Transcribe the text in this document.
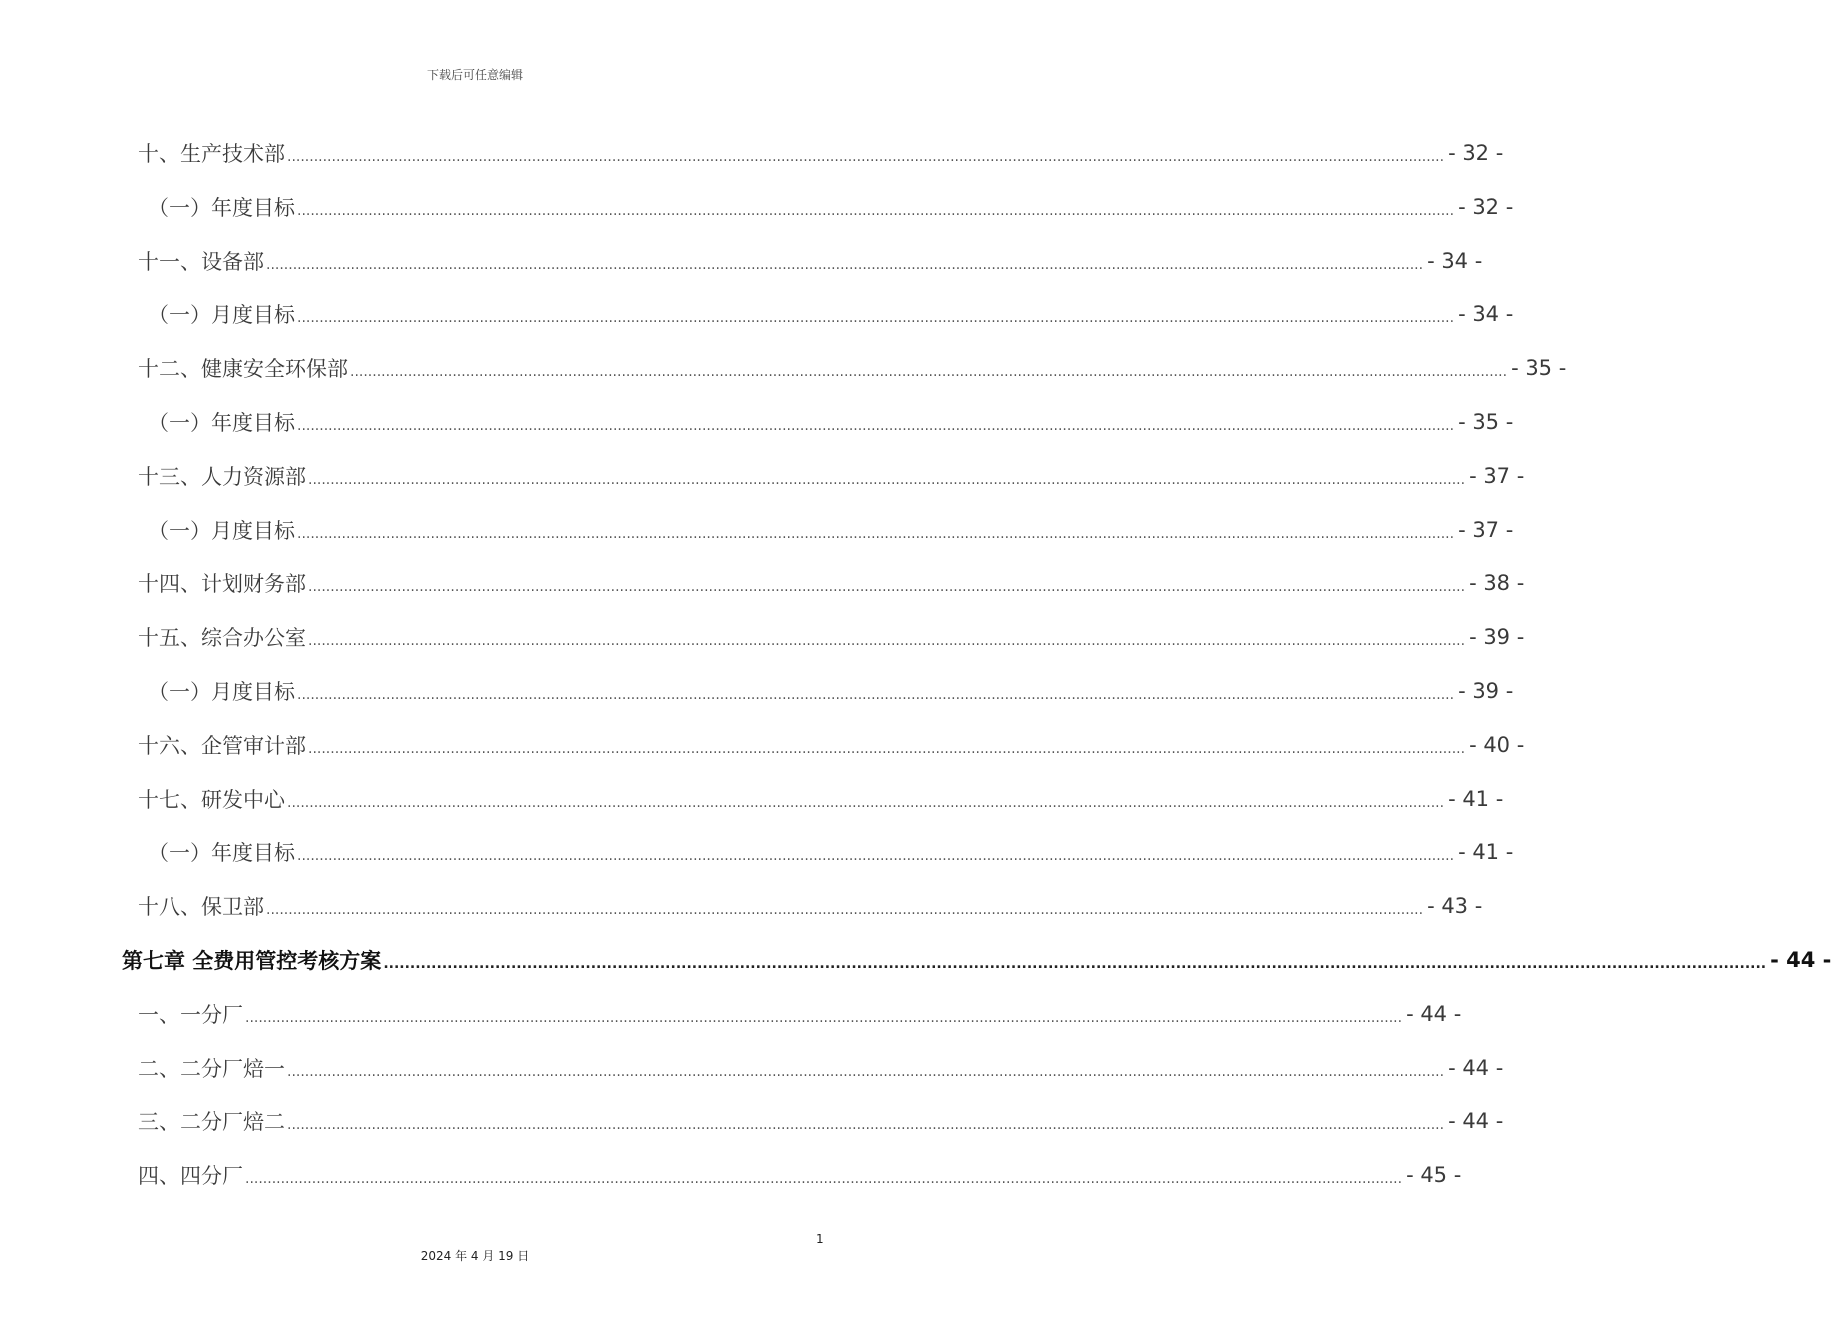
下载后可任意编辑
十、生产技术部 .................................................................................................................................................................................................................................................................... - 32 -
（一）年度目标 .................................................................................................................................................................................................................................................................... - 32 -
十一、设备部 .................................................................................................................................................................................................................................................................... - 34 -
（一）月度目标 .................................................................................................................................................................................................................................................................... - 34 -
十二、健康安全环保部 .................................................................................................................................................................................................................................................................... - 35 -
（一）年度目标 .................................................................................................................................................................................................................................................................... - 35 -
十三、人力资源部 .................................................................................................................................................................................................................................................................... - 37 -
（一）月度目标 .................................................................................................................................................................................................................................................................... - 37 -
十四、计划财务部 .................................................................................................................................................................................................................................................................... - 38 -
十五、综合办公室 .................................................................................................................................................................................................................................................................... - 39 -
（一）月度目标 .................................................................................................................................................................................................................................................................... - 39 -
十六、企管审计部 .................................................................................................................................................................................................................................................................... - 40 -
十七、研发中心 .................................................................................................................................................................................................................................................................... - 41 -
（一）年度目标 .................................................................................................................................................................................................................................................................... - 41 -
十八、保卫部 .................................................................................................................................................................................................................................................................... - 43 -
第七章 全费用管控考核方案 .................................................................................................................................................................................................................................................................... - 44 -
一、一分厂 .................................................................................................................................................................................................................................................................... - 44 -
二、二分厂焙一 .................................................................................................................................................................................................................................................................... - 44 -
三、二分厂焙二 .................................................................................................................................................................................................................................................................... - 44 -
四、四分厂 .................................................................................................................................................................................................................................................................... - 45 -
1
2024 年 4 月 19 日
